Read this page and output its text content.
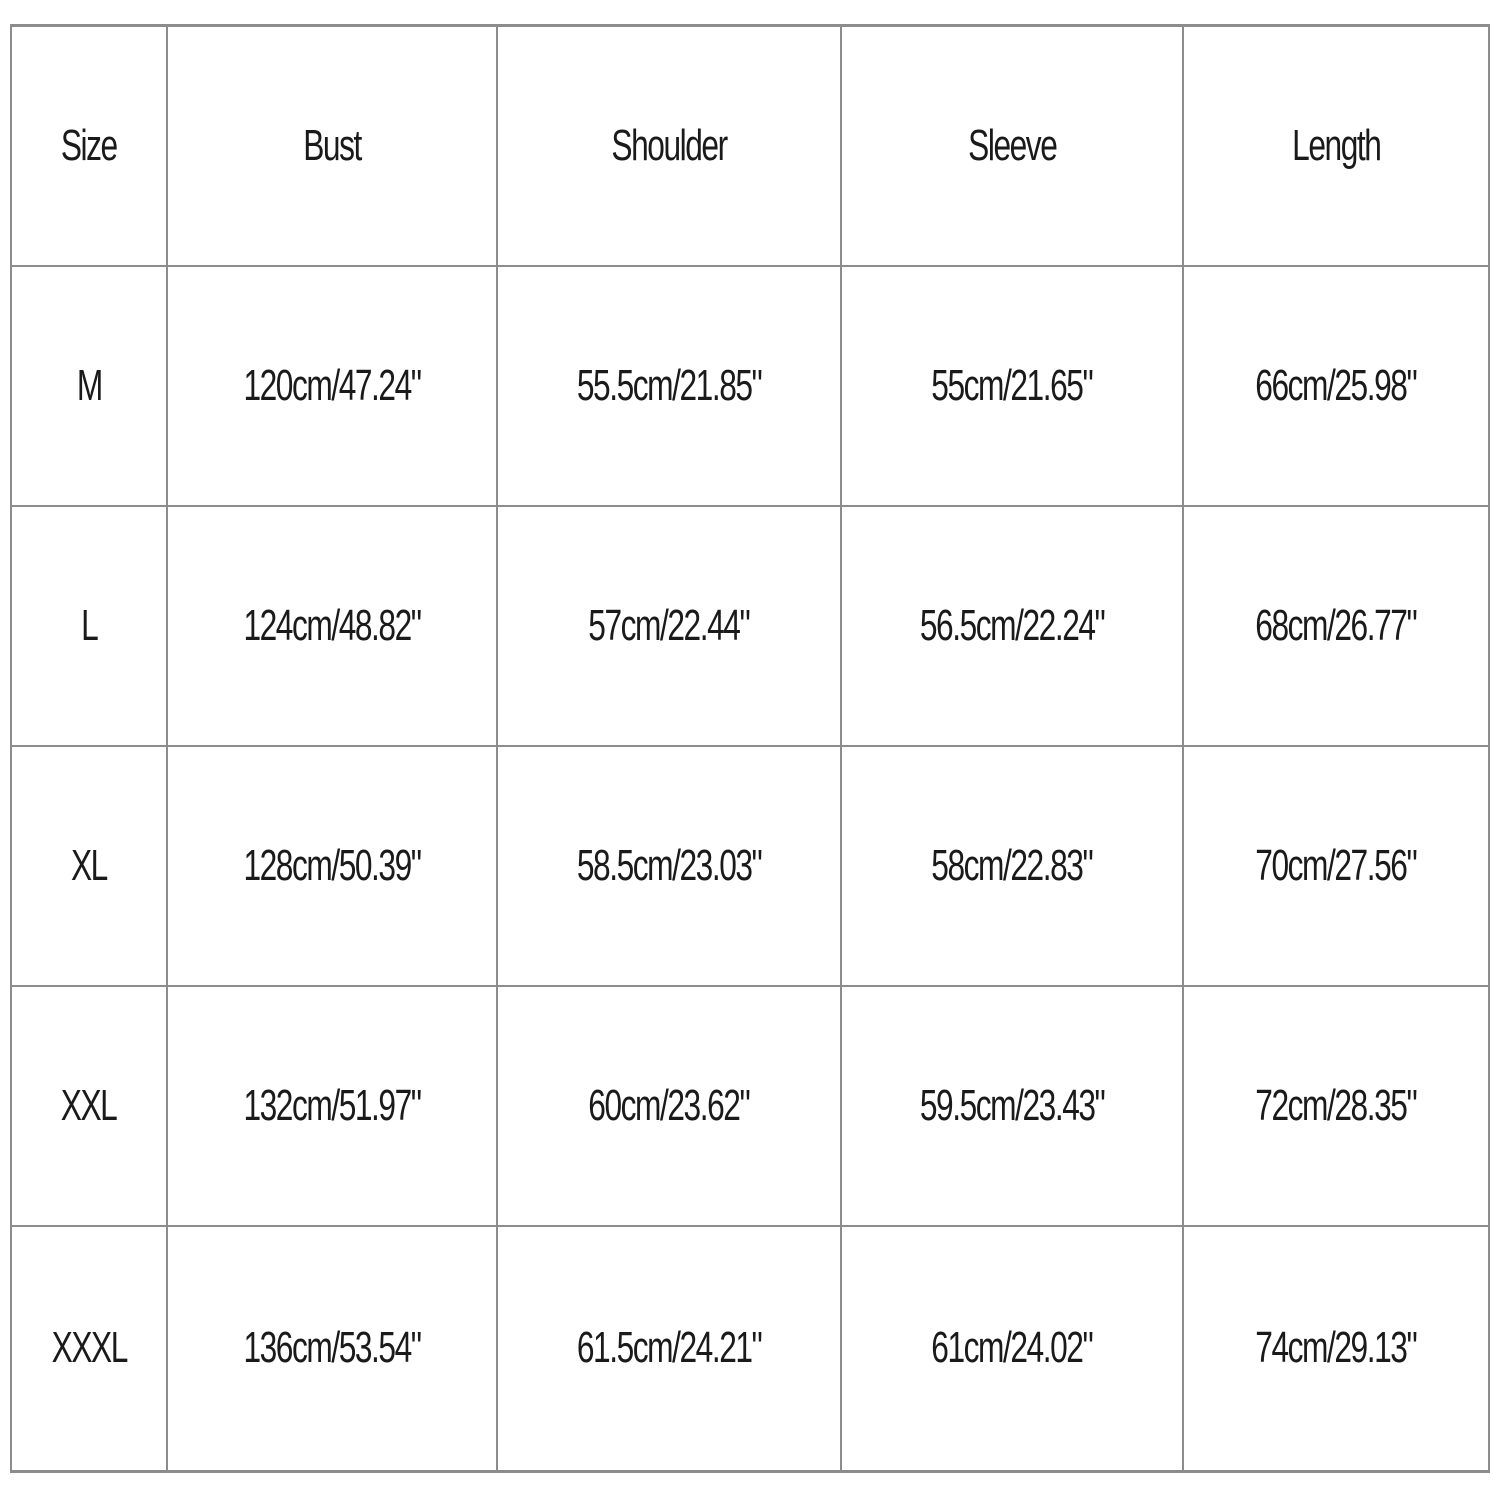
Size	Bust	Shoulder	Sleeve	Length
M	120cm/47.24"	55.5cm/21.85"	55cm/21.65"	66cm/25.98"
L	124cm/48.82"	57cm/22.44"	56.5cm/22.24"	68cm/26.77"
XL	128cm/50.39"	58.5cm/23.03"	58cm/22.83"	70cm/27.56"
XXL	132cm/51.97"	60cm/23.62"	59.5cm/23.43"	72cm/28.35"
XXXL	136cm/53.54"	61.5cm/24.21"	61cm/24.02"	74cm/29.13"
